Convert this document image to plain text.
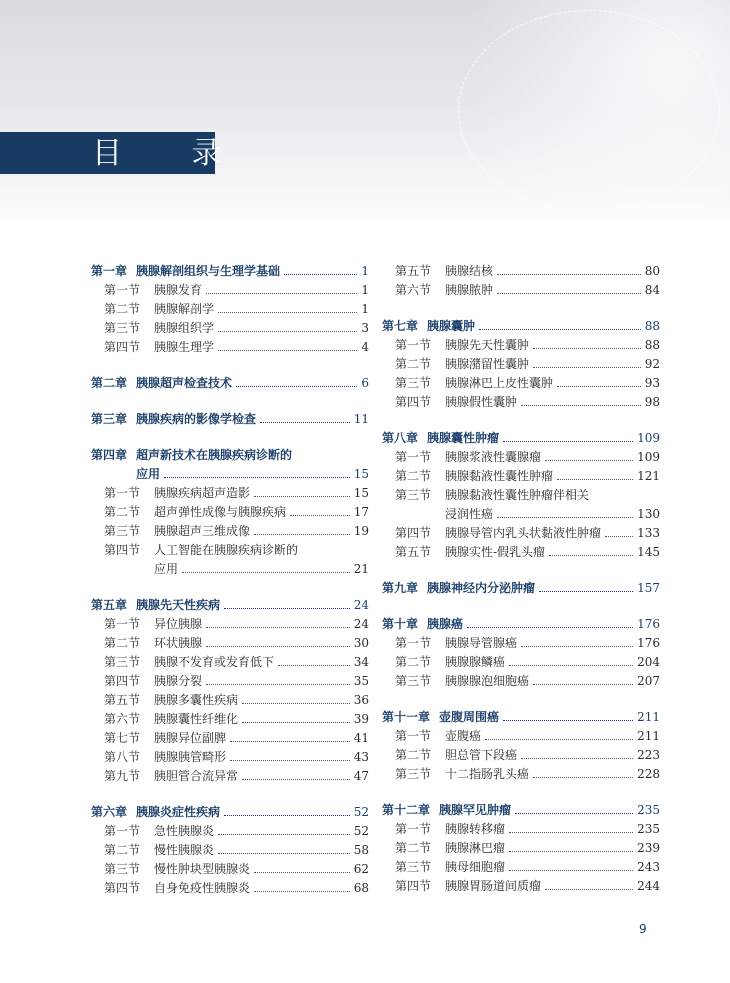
目 录
第一章 胰腺解剖组织与生理学基础	1
第一节	胰腺发育	1
第二节	胰腺解剖学	1
第三节	胰腺组织学	3
第四节	胰腺生理学	4
第二章 胰腺超声检查技术	6
第三章 胰腺疾病的影像学检查	11
第四章 超声新技术在胰腺疾病诊断的
应用	15
第一节	胰腺疾病超声造影	15
第二节	超声弹性成像与胰腺疾病	17
第三节	胰腺超声三维成像	19
第四节	人工智能在胰腺疾病诊断的
应用	21
第五章 胰腺先天性疾病	24
第一节	异位胰腺	24
第二节	环状胰腺	30
第三节	胰腺不发育或发育低下	34
第四节	胰腺分裂	35
第五节	胰腺多囊性疾病	36
第六节	胰腺囊性纤维化	39
第七节	胰腺异位副脾	41
第八节	胰腺胰管畸形	43
第九节	胰胆管合流异常	47
第六章 胰腺炎症性疾病	52
第一节	急性胰腺炎	52
第二节	慢性胰腺炎	58
第三节	慢性肿块型胰腺炎	62
第四节	自身免疫性胰腺炎	68
第五节	胰腺结核	80
第六节	胰腺脓肿	84
第七章 胰腺囊肿	88
第一节	胰腺先天性囊肿	88
第二节	胰腺潴留性囊肿	92
第三节	胰腺淋巴上皮性囊肿	93
第四节	胰腺假性囊肿	98
第八章 胰腺囊性肿瘤	109
第一节	胰腺浆液性囊腺瘤	109
第二节	胰腺黏液性囊性肿瘤	121
第三节	胰腺黏液性囊性肿瘤伴相关
浸润性癌	130
第四节	胰腺导管内乳头状黏液性肿瘤	133
第五节	胰腺实性-假乳头瘤	145
第九章 胰腺神经内分泌肿瘤	157
第十章 胰腺癌	176
第一节	胰腺导管腺癌	176
第二节	胰腺腺鳞癌	204
第三节	胰腺腺泡细胞癌	207
第十一章 壶腹周围癌	211
第一节	壶腹癌	211
第二节	胆总管下段癌	223
第三节	十二指肠乳头癌	228
第十二章 胰腺罕见肿瘤	235
第一节	胰腺转移瘤	235
第二节	胰腺淋巴瘤	239
第三节	胰母细胞瘤	243
第四节	胰腺胃肠道间质瘤	244
9
